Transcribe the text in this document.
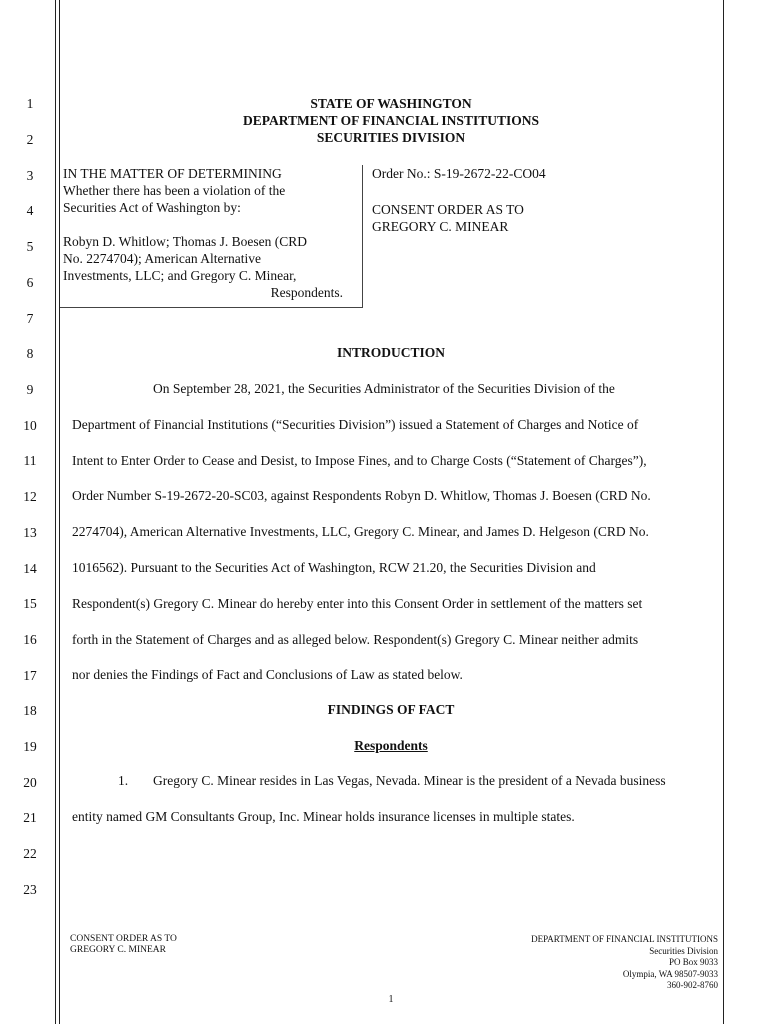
1
2
3
4
5
6
7
8
9
10
11
12
13
14
15
16
17
18
19
20
21
22
23
STATE OF WASHINGTON
DEPARTMENT OF FINANCIAL INSTITUTIONS
SECURITIES DIVISION

IN THE MATTER OF DETERMINING

Whether there has been a violation of the

Securities Act of Washington by:

Robyn D. Whitlow; Thomas J. Boesen (CRD

No. 2274704); American Alternative

Investments, LLC; and Gregory C. Minear,

Respondents.

Order No.: S-19-2672-22-CO04

CONSENT ORDER AS TO

GREGORY C. MINEAR

INTRODUCTION

On September 28, 2021, the Securities Administrator of the Securities Division of the

Department of Financial Institutions (“Securities Division”) issued a Statement of Charges and Notice of

Intent to Enter Order to Cease and Desist, to Impose Fines, and to Charge Costs (“Statement of Charges”),

Order Number S-19-2672-20-SC03, against Respondents Robyn D. Whitlow, Thomas J. Boesen (CRD No.

2274704), American Alternative Investments, LLC, Gregory C. Minear, and James D. Helgeson (CRD No.

1016562). Pursuant to the Securities Act of Washington, RCW 21.20, the Securities Division and

Respondent(s) Gregory C. Minear do hereby enter into this Consent Order in settlement of the matters set

forth in the Statement of Charges and as alleged below. Respondent(s) Gregory C. Minear neither admits

nor denies the Findings of Fact and Conclusions of Law as stated below.

FINDINGS OF FACT
Respondents

1. Gregory C. Minear resides in Las Vegas, Nevada. Minear is the president of a Nevada business

entity named GM Consultants Group, Inc. Minear holds insurance licenses in multiple states.

CONSENT ORDER AS TO
GREGORY C. MINEAR
DEPARTMENT OF FINANCIAL INSTITUTIONS
Securities Division
PO Box 9033
Olympia, WA 98507-9033
360-902-8760
1
